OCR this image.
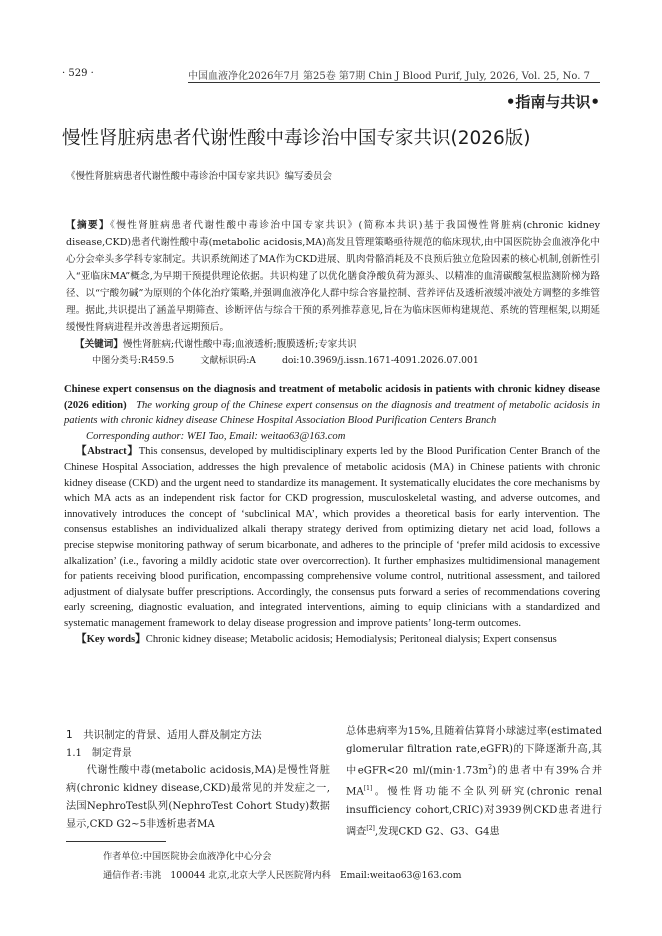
· 529 ·	中国血液净化2026年7月 第25卷 第7期 Chin J Blood Purif, July, 2026, Vol. 25, No. 7
•指南与共识•
慢性肾脏病患者代谢性酸中毒诊治中国专家共识(2026版)
《慢性肾脏病患者代谢性酸中毒诊治中国专家共识》编写委员会
【摘要】《慢性肾脏病患者代谢性酸中毒诊治中国专家共识》(简称本共识)基于我国慢性肾脏病(chronic kidney disease,CKD)患者代谢性酸中毒(metabolic acidosis,MA)高发且管理策略亟待规范的临床现状,由中国医院协会血液净化中心分会牵头多学科专家制定。共识系统阐述了MA作为CKD进展、肌肉骨骼消耗及不良预后独立危险因素的核心机制,创新性引入“亚临床MA”概念,为早期干预提供理论依据。共识构建了以优化膳食净酸负荷为源头、以精准的血清碳酸氢根监测阶梯为路径、以“宁酸勿碱”为原则的个体化治疗策略,并强调血液净化人群中综合容量控制、营养评估及透析液缓冲液处方调整的多维管理。据此,共识提出了涵盖早期筛查、诊断评估与综合干预的系列推荐意见,旨在为临床医师构建规范、系统的管理框架,以期延缓慢性肾病进程并改善患者远期预后。
【关键词】慢性肾脏病;代谢性酸中毒;血液透析;腹膜透析;专家共识
中图分类号:R459.5	文献标识码:A	doi:10.3969/j.issn.1671-4091.2026.07.001
Chinese expert consensus on the diagnosis and treatment of metabolic acidosis in patients with chronic kidney disease (2026 edition) The working group of the Chinese expert consensus on the diagnosis and treatment of metabolic acidosis in patients with chronic kidney disease Chinese Hospital Association Blood Purification Centers Branch
Corresponding author: WEI Tao, Email: weitao63@163.com
【Abstract】This consensus, developed by multidisciplinary experts led by the Blood Purification Center Branch of the Chinese Hospital Association, addresses the high prevalence of metabolic acidosis (MA) in Chinese patients with chronic kidney disease (CKD) and the urgent need to standardize its management. It systematically elucidates the core mechanisms by which MA acts as an independent risk factor for CKD progression, musculoskeletal wasting, and adverse outcomes, and innovatively introduces the concept of ‘subclinical MA’, which provides a theoretical basis for early intervention. The consensus establishes an individualized alkali therapy strategy derived from optimizing dietary net acid load, follows a precise stepwise monitoring pathway of serum bicarbonate, and adheres to the principle of ‘prefer mild acidosis to excessive alkalization’ (i.e., favoring a mildly acidotic state over overcorrection). It further emphasizes multidimensional management for patients receiving blood purification, encompassing comprehensive volume control, nutritional assessment, and tailored adjustment of dialysate buffer prescriptions. Accordingly, the consensus puts forward a series of recommendations covering early screening, diagnostic evaluation, and integrated interventions, aiming to equip clinicians with a standardized and systematic management framework to delay disease progression and improve patients’ long-term outcomes.
【Key words】Chronic kidney disease; Metabolic acidosis; Hemodialysis; Peritoneal dialysis; Expert consensus
1　共识制定的背景、适用人群及制定方法
1.1　制定背景
代谢性酸中毒(metabolic acidosis,MA)是慢性肾脏病(chronic kidney disease,CKD)最常见的并发症之一,法国NephroTest队列(NephroTest Cohort Study)数据显示,CKD G2~5非透析患者MA
总体患病率为15%,且随着估算肾小球滤过率(estimated glomerular filtration rate,eGFR)的下降逐渐升高,其中eGFR<20 $ml/(\min\cdot 1.73m^2)$的患者中有39%合并MA[1]。慢性肾功能不全队列研究(chronic renal insufficiency cohort,CRIC)对3939例CKD患者进行调查[2],发现CKD G2、G3、G4患
作者单位:中国医院协会血液净化中心分会
通信作者:韦洮　100044 北京,北京大学人民医院肾内科　Email:weitao63@163.com
